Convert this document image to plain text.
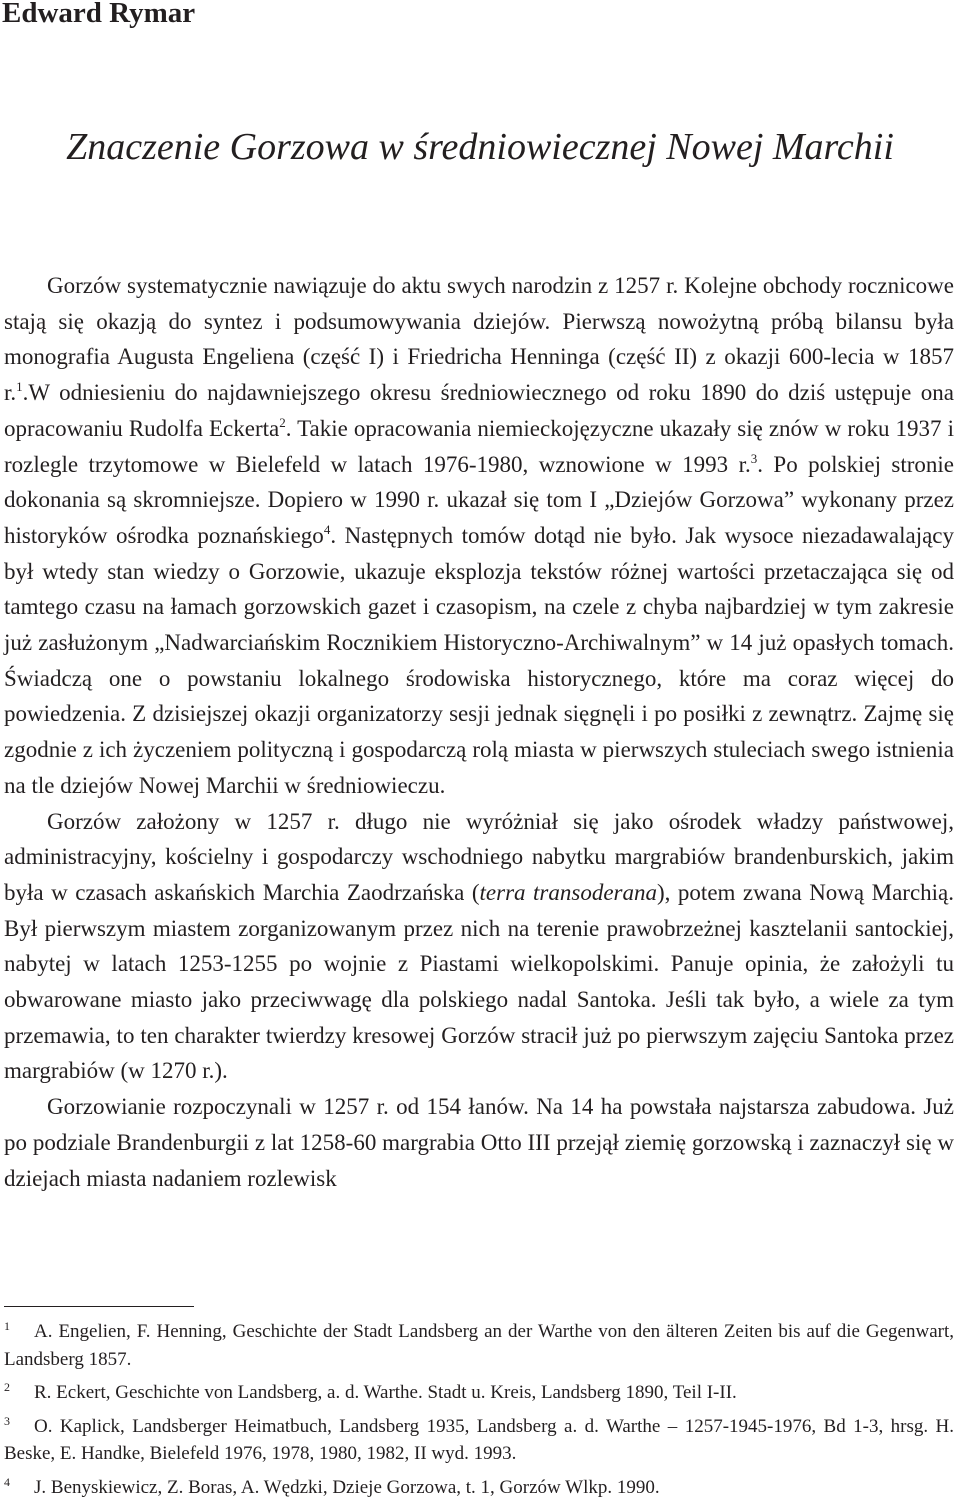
Edward Rymar
Znaczenie Gorzowa w średniowiecznej Nowej Marchii

Gorzów systematycznie nawiązuje do aktu swych narodzin z 1257 r. Kolejne obchody rocznicowe stają się okazją do syntez i podsumowywania dziejów. Pierwszą nowożytną próbą bilansu była monografia Augusta Engeliena (część I) i Friedricha Henninga (część II) z okazji 600-lecia w 1857 r.$^1$.W odniesieniu do najdawniejszego okresu średniowiecznego od roku 1890 do dziś ustępuje ona opracowaniu Rudolfa Eckerta$^2$. Takie opracowania niemieckojęzyczne ukazały się znów w roku 1937 i rozlegle trzytomowe w Bielefeld w latach 1976-1980, wznowione w 1993 r.$^3$. Po polskiej stronie dokonania są skromniejsze. Dopiero w 1990 r. ukazał się tom I „Dziejów Gorzowa” wykonany przez historyków ośrodka poznańskiego$^4$. Następnych tomów dotąd nie było. Jak wysoce niezadawalający był wtedy stan wiedzy o Gorzowie, ukazuje eksplozja tekstów różnej wartości przetaczająca się od tamtego czasu na łamach gorzowskich gazet i czasopism, na czele z chyba najbardziej w tym zakresie już zasłużonym „Nadwarciańskim Rocznikiem Historyczno-Archiwalnym” w 14 już opasłych tomach. Świadczą one o powstaniu lokalnego środowiska historycznego, które ma coraz więcej do powiedzenia. Z dzisiejszej okazji organizatorzy sesji jednak sięgnęli i po posiłki z zewnątrz. Zajmę się zgodnie z ich życzeniem polityczną i gospodarczą rolą miasta w pierwszych stuleciach swego istnienia na tle dziejów Nowej Marchii w średniowieczu.

Gorzów założony w 1257 r. długo nie wyróżniał się jako ośrodek władzy państwowej, administracyjny, kościelny i gospodarczy wschodniego nabytku margrabiów brandenburskich, jakim była w czasach askańskich Marchia Zaodrzańska (terra transoderana), potem zwana Nową Marchią. Był pierwszym miastem zorganizowanym przez nich na terenie prawobrzeżnej kasztelanii santockiej, nabytej w latach 1253-1255 po wojnie z Piastami wielkopolskimi. Panuje opinia, że założyli tu obwarowane miasto jako przeciwwagę dla polskiego nadal Santoka. Jeśli tak było, a wiele za tym przemawia, to ten charakter twierdzy kresowej Gorzów stracił już po pierwszym zajęciu Santoka przez margrabiów (w 1270 r.).

Gorzowianie rozpoczynali w 1257 r. od 154 łanów. Na 14 ha powstała najstarsza zabudowa. Już po podziale Brandenburgii z lat 1258-60 margrabia Otto III przejął ziemię gorzowską i zaznaczył się w dziejach miasta nadaniem rozlewisk

1 A. Engelien, F. Henning, Geschichte der Stadt Landsberg an der Warthe von den älteren Zeiten bis auf die Gegenwart, Landsberg 1857.

2 R. Eckert, Geschichte von Landsberg, a. d. Warthe. Stadt u. Kreis, Landsberg 1890, Teil I-II.

3 O. Kaplick, Landsberger Heimatbuch, Landsberg 1935, Landsberg a. d. Warthe – 1257-1945-1976, Bd 1-3, hrsg. H. Beske, E. Handke, Bielefeld 1976, 1978, 1980, 1982, II wyd. 1993.

4 J. Benyskiewicz, Z. Boras, A. Wędzki, Dzieje Gorzowa, t. 1, Gorzów Wlkp. 1990.
